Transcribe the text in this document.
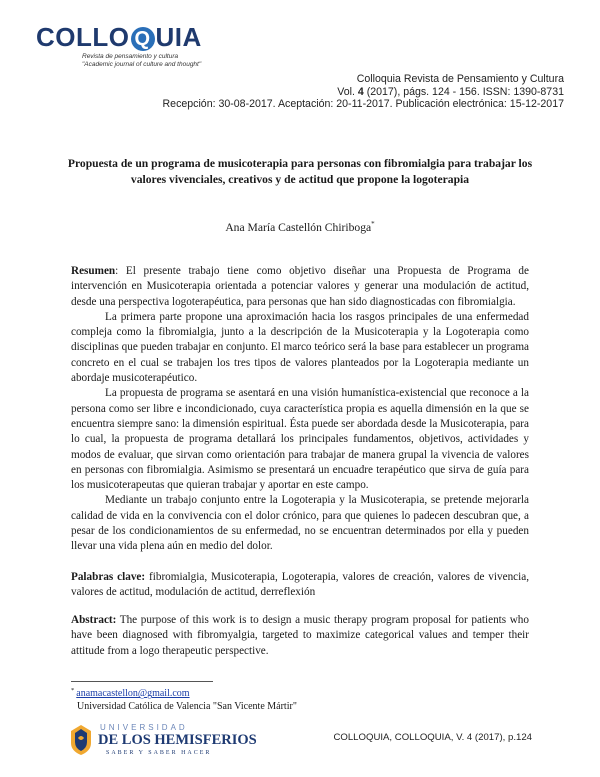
COLLO Q UIA
Revista de pensamiento y cultura
"Academic journal of culture and thought"
Colloquia Revista de Pensamiento y Cultura
Vol. 4 (2017), págs. 124 - 156. ISSN: 1390-8731
Recepción: 30-08-2017. Aceptación: 20-11-2017. Publicación electrónica: 15-12-2017
Propuesta de un programa de musicoterapia para personas con fibromialgia para trabajar los valores vivenciales, creativos y de actitud que propone la logoterapia
Ana María Castellón Chiriboga*

Resumen: El presente trabajo tiene como objetivo diseñar una Propuesta de Programa de intervención en Musicoterapia orientada a potenciar valores y generar una modulación de actitud, desde una perspectiva logoterapéutica, para personas que han sido diagnosticadas con fibromialgia.

La primera parte propone una aproximación hacia los rasgos principales de una enfermedad compleja como la fibromialgia, junto a la descripción de la Musicoterapia y la Logoterapia como disciplinas que pueden trabajar en conjunto. El marco teórico será la base para establecer un programa concreto en el cual se trabajen los tres tipos de valores planteados por la Logoterapia mediante un abordaje musicoterapéutico.

La propuesta de programa se asentará en una visión humanística-existencial que reconoce a la persona como ser libre e incondicionado, cuya característica propia es aquella dimensión en la que se encuentra siempre sano: la dimensión espiritual. Ésta puede ser abordada desde la Musicoterapia, para lo cual, la propuesta de programa detallará los principales fundamentos, objetivos, actividades y modos de evaluar, que sirvan como orientación para trabajar de manera grupal la vivencia de valores en personas con fibromialgia. Asimismo se presentará un encuadre terapéutico que sirva de guía para los musicoterapeutas que quieran trabajar y aportar en este campo.

Mediante un trabajo conjunto entre la Logoterapia y la Musicoterapia, se pretende mejorarla calidad de vida en la convivencia con el dolor crónico, para que quienes lo padecen descubran que, a pesar de los condicionamientos de su enfermedad, no se encuentran determinados por ella y pueden llevar una vida plena aún en medio del dolor.

Palabras clave: fibromialgia, Musicoterapia, Logoterapia, valores de creación, valores de vivencia, valores de actitud, modulación de actitud, derreflexión

Abstract: The purpose of this work is to design a music therapy program proposal for patients who have been diagnosed with fibromyalgia, targeted to maximize categorical values and temper their attitude from a logo therapeutic perspective.

* anamacastellon@gmail.com
Universidad Católica de Valencia "San Vicente Mártir"
UNIVERSIDAD
DE LOS HEMISFERIOS
SABER Y SABER HACER
COLLOQUIA, COLLOQUIA, V. 4 (2017), p.124
